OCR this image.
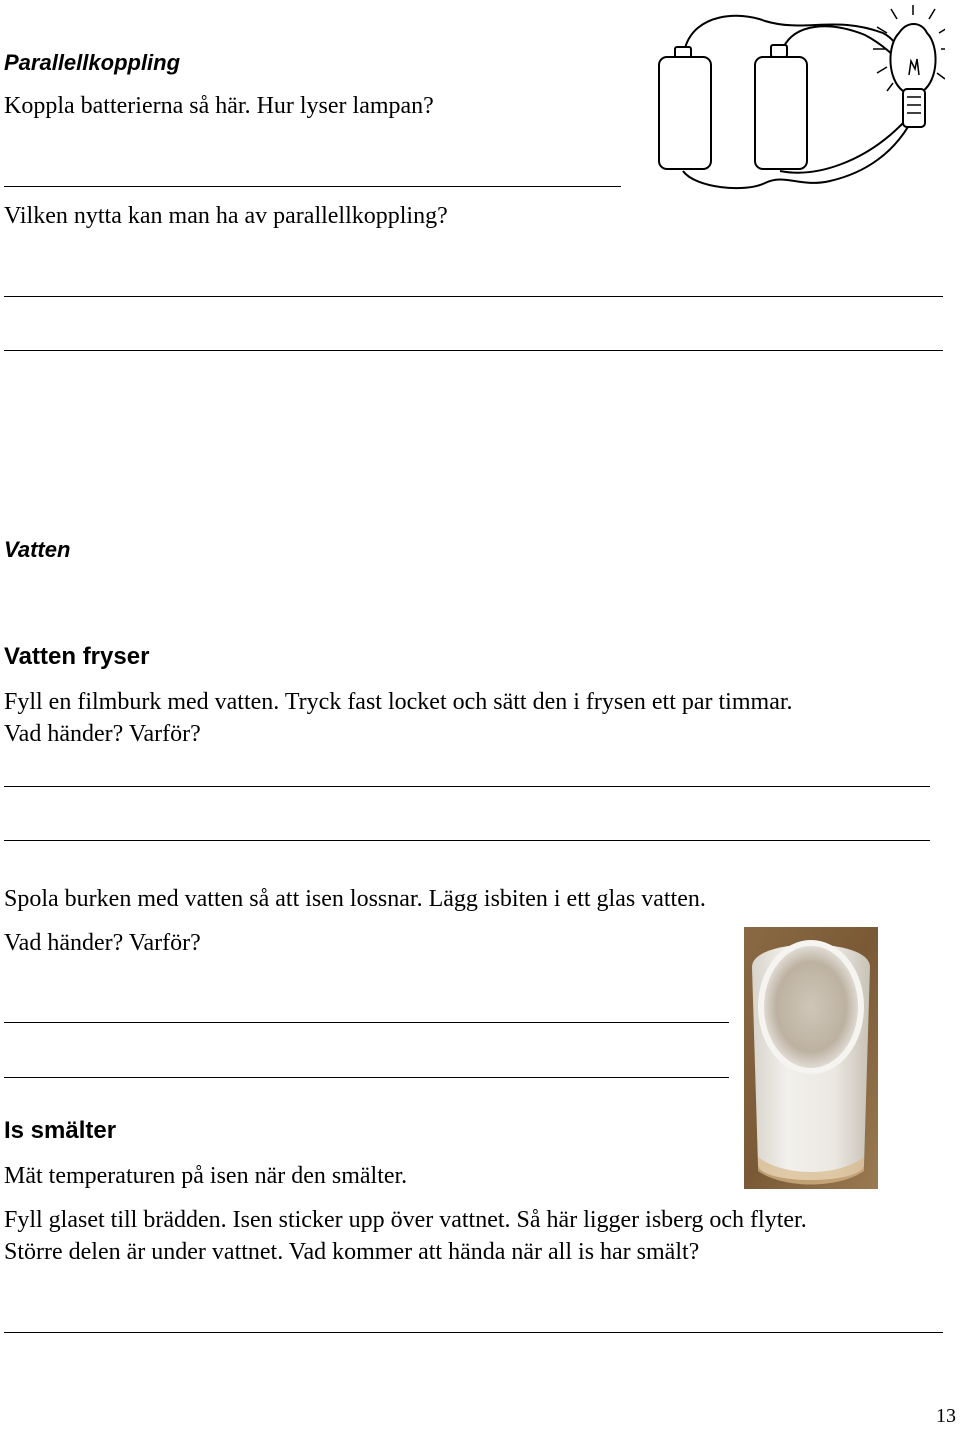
Parallellkoppling
Koppla batterierna så här. Hur lyser lampan?
Vilken nytta kan man ha av parallellkoppling?
Vatten
Vatten fryser
Fyll en filmburk med vatten. Tryck fast locket och sätt den i frysen ett par timmar.
Vad händer? Varför?
Spola burken med vatten så att isen lossnar. Lägg isbiten i ett glas vatten.
Vad händer? Varför?
Is smälter
Mät temperaturen på isen när den smälter.
Fyll glaset till brädden. Isen sticker upp över vattnet. Så här ligger isberg och flyter.
Större delen är under vattnet. Vad kommer att hända när all is har smält?
13
